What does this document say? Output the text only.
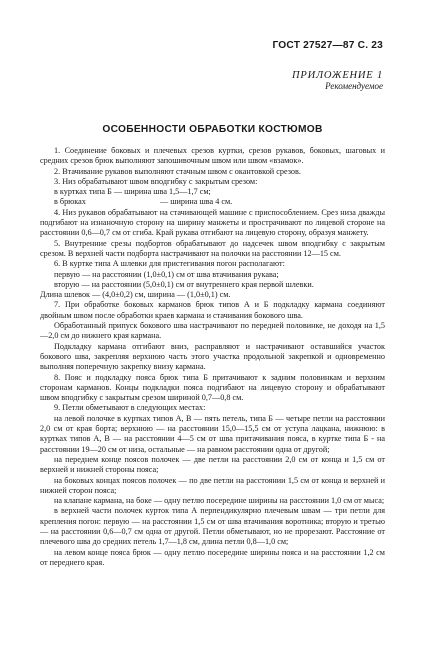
ГОСТ 27527—87 С. 23
ПРИЛОЖЕНИЕ 1
Рекомендуемое
ОСОБЕННОСТИ ОБРАБОТКИ КОСТЮМОВ

1. Соединение боковых и плечевых срезов куртки, срезов рукавов, боковых, шаговых и средних срезов брюк выполняют запошивочным швом или швом «взамок».

2. Втачивание рукавов выполняют стачным швом с окантовкой срезов.

3. Низ обрабатывают швом вподгибку с закрытым срезом:

в куртках типа Б — ширина шва 1,5—1,7 см;
в брюках	— ширина шва 4 см.

4. Низ рукавов обрабатывают на стачивающей машине с приспособлением. Срез низа дважды подгибают на изнаночную сторону на ширину манжеты и прострачивают по лицевой стороне на расстоянии 0,6—0,7 см от сгиба. Край рукава отгибают на лицевую сторону, образуя манжету.

5. Внутренние срезы подбортов обрабатывают до надсечек швом вподгибку с закрытым срезом. В верхней части подборта настрачивают на полочки на расстоянии 12—15 см.

6. В куртке типа А шлевки для пристегивания погон располагают:

первую — на расстоянии (1,0±0,1) см от шва втачивания рукава;

вторую — на расстоянии (5,0±0,1) см от внутреннего края первой шлевки.

Длина шлевок — (4,0±0,2) см, ширина — (1,0±0,1) см.

7. При обработке боковых карманов брюк типов А и Б подкладку кармана соединяют двойным швом после обработки краев кармана и стачивания бокового шва.

Обработанный припуск бокового шва настрачивают по передней половинке, не доходя на 1,5—2,0 см до нижнего края кармана.

Подкладку кармана отгибают вниз, расправляют и настрачивают оставшийся участок бокового шва, закрепляя верхнюю часть этого участка продольной закрепкой и одновременно выполняя поперечную закрепку внизу кармана.

8. Пояс и подкладку пояса брюк типа Б притачивают к задним половинкам и верхним сторонам карманов. Концы подкладки пояса подгибают на лицевую сторону и обрабатывают швом вподгибку с закрытым срезом шириной 0,7—0,8 см.

9. Петли обметывают в следующих местах:

на левой полочке в куртках типов А, В — пять петель, типа Б — четыре петли на расстоянии 2,0 см от края борта; верхнюю — на расстоянии 15,0—15,5 см от уступа лацкана, нижнюю: в куртках типов А, В — на расстоянии 4—5 см от шва притачивания пояса, в куртке типа Б - на расстоянии 19—20 см от низа, остальные — на равном расстоянии одна от другой;

на переднем конце поясов полочек — две петли на расстоянии 2,0 см от конца и 1,5 см от верхней и нижней стороны пояса;

на боковых концах поясов полочек — по две петли на расстоянии 1,5 см от конца и верхней и нижней сторон пояса;

на клапане кармана, на боке — одну петлю посередине ширины на расстоянии 1,0 см от мыса;

в верхней части полочек курток типа А перпендикулярно плечевым швам — три петли для крепления погон: первую — на расстоянии 1,5 см от шва втачивания воротника; вторую и третью — на расстоянии 0,6—0,7 см одна от другой. Петли обметывают, но не прорезают. Расстояние от плечевого шва до средних петель 1,7—1,8 см, длина петли 0,8—1,0 см;

на левом конце пояса брюк — одну петлю посередине ширины пояса и на расстоянии 1,2 см от переднего края.
